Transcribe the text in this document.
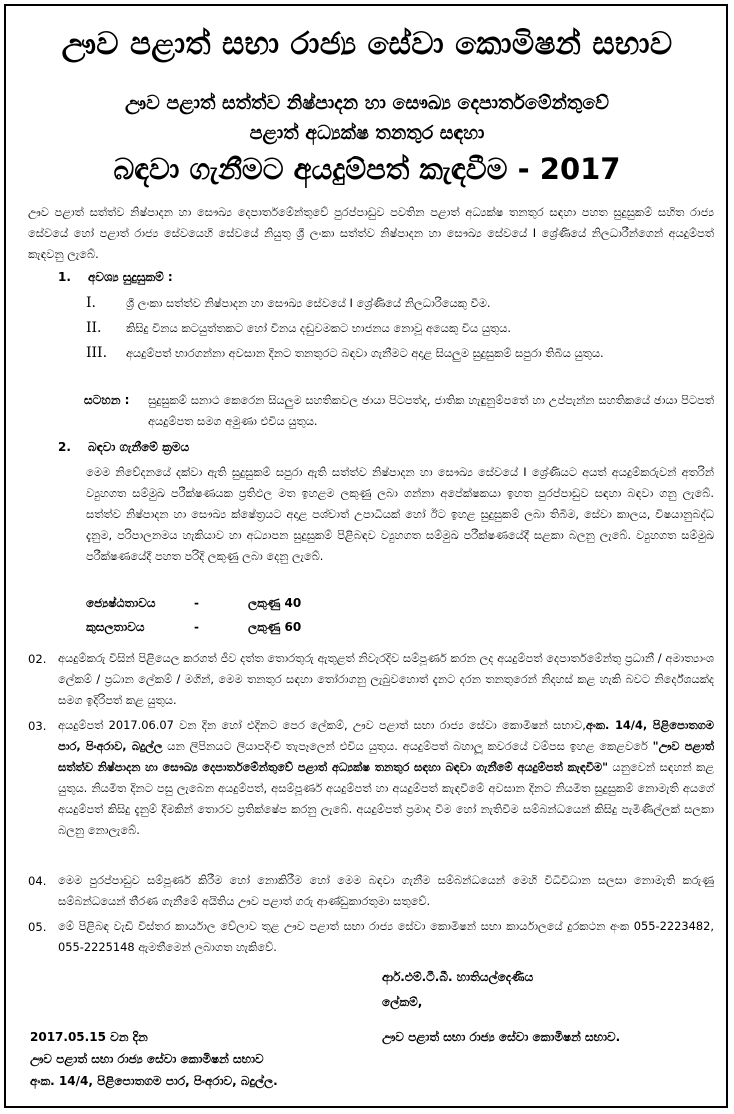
ඌව පළාත් සභා රාජ්‍ය සේවා කොමිෂන් සභාව
ඌව පළාත් සත්ත්ව නිෂ්පාදන හා සෞඛ්‍ය දෙපාර්තමේන්තුවේ
පළාත් අධ්‍යක්ෂ තනතුර සඳහා
බඳවා ගැනීමට අයදුම්පත් කැඳවීම - 2017
ඌව පළාත් සත්ත්ව නිෂ්පාදන හා සෞඛ්‍ය දෙපාර්තමේන්තුවේ පුරප්පාඩුව පවතින පළාත් අධ්‍යක්ෂ තනතුර සඳහා පහත සුදුසුකම් සහිත රාජ්‍ය සේවයේ හෝ පළාත් රාජ්‍ය සේවයෙහි සේවයේ නියුතු ශ්‍රී ලංකා සත්ත්ව නිෂ්පාදන හා සෞඛ්‍ය සේවයේ I ශ්‍රේණියේ නිලධාරීන්ගෙන් අයදුම්පත් කැඳවනු ලැබේ.
1. අවශ්‍ය සුදුසුකම් :
I.	ශ්‍රී ලංකා සත්ත්ව නිෂ්පාදන හා සෞඛ්‍ය සේවයේ I ශ්‍රේණියේ නිලධාරියෙකු වීම.
II. කිසිදු විනය කටයුත්තකට හෝ විනය දඬුවමකට භාජනය නොවූ අයෙකු විය යුතුය.
III. අයදුම්පත් භාරගන්නා අවසාන දිනට තනතුරට බඳවා ගැනීමට අදාළ සියලුම සුදුසුකම් සපුරා තිබිය යුතුය.
සටහන : සුදුසුකම් සනාථ කෙරෙන සියලුම සහතිකවල ඡායා පිටපත්ද, ජාතික හැඳුනුම්පතේ හා උප්පැන්න සහතිකයේ ඡායා පිටපත් අයදුම්පත සමග අමුණා එවිය යුතුය.
2. බඳවා ගැනීමේ ක්‍රමය
මෙම නිවේදනයේ දක්වා ඇති සුදුසුකම් සපුරා ඇති සත්ත්ව නිෂ්පාදන හා සෞඛ්‍ය සේවයේ I ශ්‍රේණියට අයත් අයදුම්කරුවන් අතරින් ව්‍යුහගත සම්මුඛ පරීක්ෂණයක ප්‍රතිඵල මත ඉහළම ලකුණු ලබා ගන්නා අපේක්ෂකයා ඉහත පුරප්පාඩුව සඳහා බඳවා ගනු ලැබේ. සත්ත්ව නිෂ්පාදන හා සෞඛ්‍ය ක්ෂේත්‍රයට අදාළ පශ්චාත් උපාධියක් හෝ ඊට ඉහළ සුදුසුකම් ලබා තිබීම, සේවා කාලය, විෂයානුබද්ධ දැනුම, පරිපාලනමය හැකියාව හා අධ්‍යාපන සුදුසුකම් පිළිබඳව ව්‍යුහගත සම්මුඛ පරීක්ෂණයේදී සළකා බලනු ලැබේ. ව්‍යුහගත සම්මුඛ පරීක්ෂණයේදී පහත පරිදි ලකුණු ලබා දෙනු ලැබේ.
ජ්‍යෙෂ්ඨතාවය	-	ලකුණු 40
කුසලතාවය	-	ලකුණු 60
02. අයදුම්කරු විසින් පිළියෙල කරගත් ජීව දත්ත තොරතුරු ඇතුළත් නිවැරදිව සම්පූර්ණ කරන ලද අයදුම්පත් දෙපාර්තමේන්තු ප්‍රධානී / අමාත්‍යාංශ ලේකම් / ප්‍රධාන ලේකම් / මගින්, මෙම තනතුර සඳහා තෝරාගනු ලැබුවහොත් දැනට දරන තනතුරෙන් නිදහස් කළ හැකි බවට නිර්දේශයක්ද සමග ඉදිරිපත් කළ යුතුය.
03. අයදුම්පත් 2017.06.07 වන දින හෝ එදිනට පෙර ලේකම්, ඌව පළාත් සභා රාජ්‍ය සේවා කොමිෂන් සභාව,අංක. 14/4, පිළිපොතගම පාර, පිංඅරාව, බදුල්ල යන ලිපිනයට ලියාපදිංචි තැපෑලෙන් එවිය යුතුය. අයදුම්පත් බහාලූ කවරයේ වම්පස ඉහළ කෙළවරේ "ඌව පළාත් සත්ත්ව නිෂ්පාදන හා සෞඛ්‍ය දෙපාර්තමේන්තුවේ පළාත් අධ්‍යක්ෂ තනතුර සඳහා බඳවා ගැනීමේ අයදුම්පත් කැඳවීම" යනුවෙන් සඳහන් කළ යුතුය. නියමිත දිනට පසු ලැබෙන අයදුම්පත්, අසම්පූර්ණ අයදුම්පත් හා අයදුම්පත් කැඳවීමේ අවසාන දිනට නියමිත සුදුසුකම් නොමැති අයගේ අයදුම්පත් කිසිදු දැනුම් දීමකින් තොරව ප්‍රතික්ෂේප කරනු ලැබේ. අයදුම්පත් ප්‍රමාද වීම හෝ නැතිවීම සම්බන්ධයෙන් කිසිදු පැමිණිල්ලක් සලකා බලනු නොලැබේ.
04. මෙම පුරප්පාඩුව සම්පූර්ණ කිරීම හෝ නොකිරීම හෝ මෙම බඳවා ගැනීම සම්බන්ධයෙන් මෙහි විධිවිධාන සලසා නොමැති කරුණු සම්බන්ධයෙන් තීරණ ගැනීමේ අයිතිය ඌව පළාත් ගරු ආණ්ඩුකාරතුමා සතුවේ.
05. මේ පිළිබඳ වැඩි විස්තර කාර්යාල වේලාව තුළ ඌව පළාත් සභා රාජ්‍ය සේවා කොමිෂන් සභා කාර්යාලයේ දුරකථන අංක 055-2223482, 055-2225148 ඇමතීමෙන් ලබාගත හැකිවේ.
ආර්.එම්.ටී.බී. හාතියල්දෙණිය
ලේකම්,
ඌව පළාත් සභා රාජ්‍ය සේවා කොමිෂන් සභාව.
2017.05.15 වන දින
ඌව පළාත් සභා රාජ්‍ය සේවා කොමිෂන් සභාව
අංක. 14/4, පිළිපොතගම පාර, පිංඅරාව, බදුල්ල.
